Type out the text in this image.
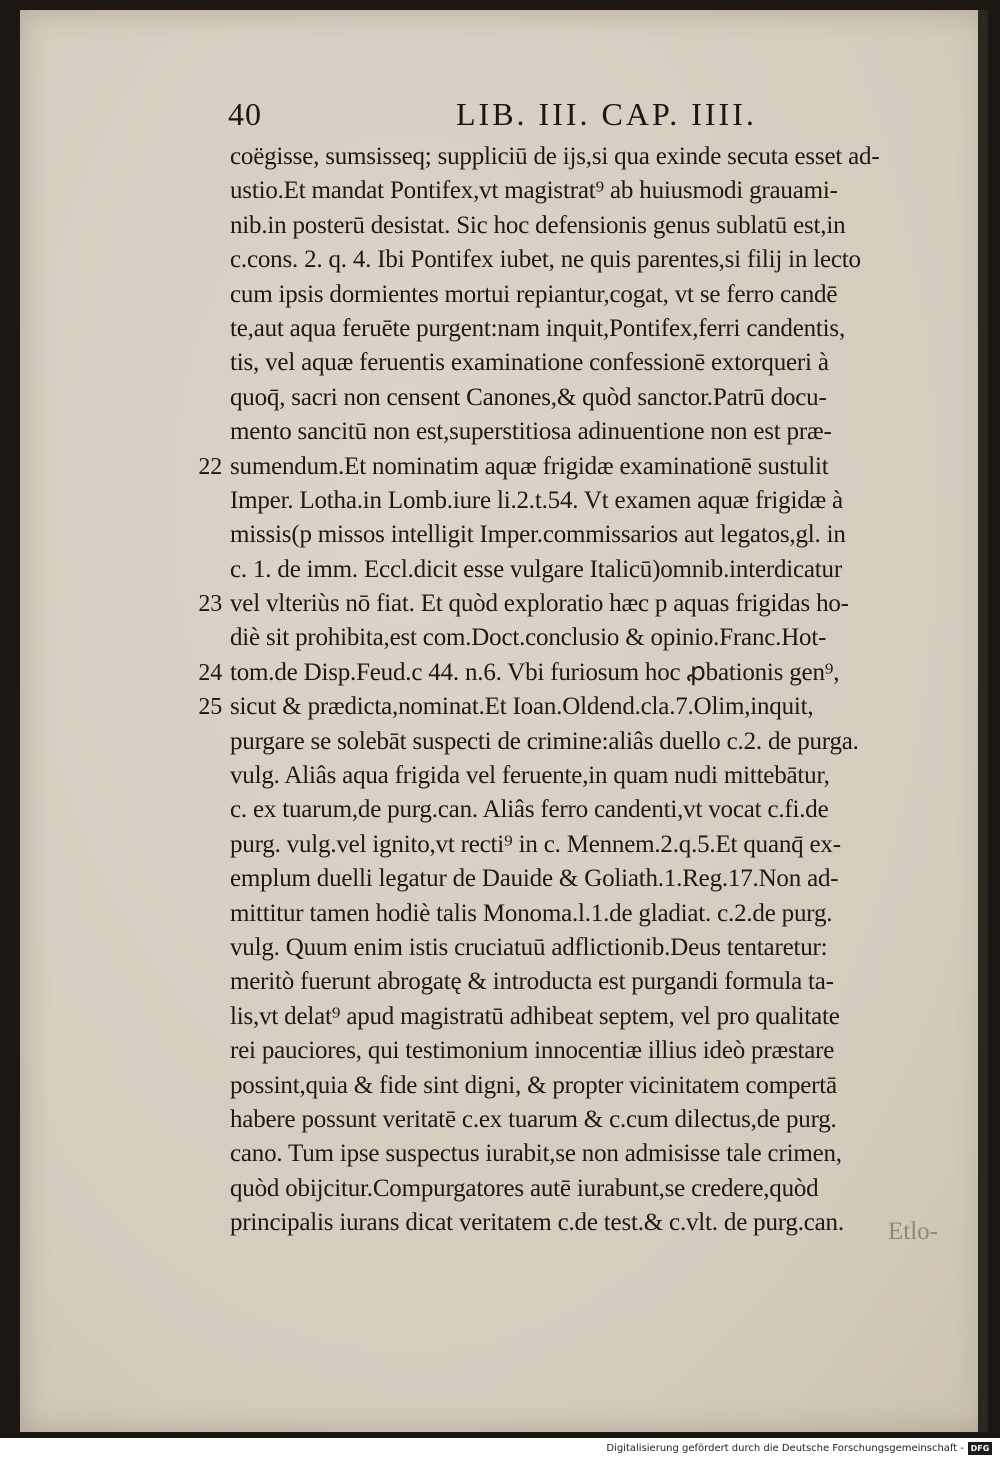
40	LIB. III. CAP. IIII.
coëgisse, sumsisseq; suppliciū de ijs,si qua exinde secuta esset ad-
ustio.Et mandat Pontifex,vt magistrat⁹ ab huiusmodi grauami-
nib.in posterū desistat. Sic hoc defensionis genus sublatū est,in
c.cons. 2. q. 4. Ibi Pontifex iubet, ne quis parentes,si filij in lecto
cum ipsis dormientes mortui repiantur,cogat, vt se ferro candē
te,aut aqua feruēte purgent:nam inquit,Pontifex,ferri candentis,
tis, vel aquæ feruentis examinatione confessionē extorqueri à
quoq̄, sacri non censent Canones,& quòd sanctor.Patrū docu-
mento sancitū non est,superstitiosa adinuentione non est præ-
22 sumendum.Et nominatim aquæ frigidæ examinationē sustulit
Imper. Lotha.in Lomb.iure li.2.t.54. Vt examen aquæ frigidæ à
missis(p missos intelligit Imper.commissarios aut legatos,gl. in
c. 1. de imm. Eccl.dicit esse vulgare Italicū)omnib.interdicatur
23 vel vlteriùs nō fiat. Et quòd exploratio hæc p aquas frigidas ho-
diè sit prohibita,est com.Doct.conclusio & opinio.Franc.Hot-
24 tom.de Disp.Feud.c 44. n.6. Vbi furiosum hoc ꝓbationis gen⁹,
25 sicut & prædicta,nominat.Et Ioan.Oldend.cla.7.Olim,inquit,
purgare se solebāt suspecti de crimine:aliâs duello c.2. de purga.
vulg. Aliâs aqua frigida vel feruente,in quam nudi mittebātur,
c. ex tuarum,de purg.can. Aliâs ferro candenti,vt vocat c.fi.de
purg. vulg.vel ignito,vt recti⁹ in c. Mennem.2.q.5.Et quanq̄ ex-
emplum duelli legatur de Dauide & Goliath.1.Reg.17.Non ad-
mittitur tamen hodiè talis Monoma.l.1.de gladiat. c.2.de purg.
vulg. Quum enim istis cruciatuū adflictionib.Deus tentaretur:
meritò fuerunt abrogatę & introducta est purgandi formula ta-
lis,vt delat⁹ apud magistratū adhibeat septem, vel pro qualitate
rei pauciores, qui testimonium innocentiæ illius ideò præstare
possint,quia & fide sint digni, & propter vicinitatem compertā
habere possunt veritatē c.ex tuarum & c.cum dilectus,de purg.
cano. Tum ipse suspectus iurabit,se non admisisse tale crimen,
quòd obijcitur.Compurgatores autē iurabunt,se credere,quòd
principalis iurans dicat veritatem c.de test.& c.vlt. de purg.can.	Etlo-
Digitalisierung gefördert durch die Deutsche Forschungsgemeinschaft - DFG
